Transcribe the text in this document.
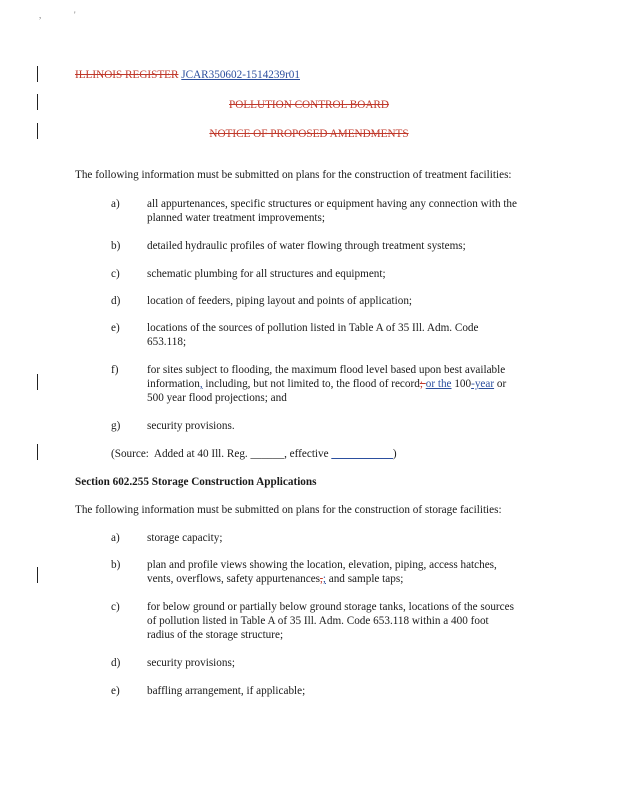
,	'
ILLINOIS REGISTER JCAR350602-1514239r01
POLLUTION CONTROL BOARD
NOTICE OF PROPOSED AMENDMENTS
The following information must be submitted on plans for the construction of treatment facilities:
a)	all appurtenances, specific structures or equipment having any connection with the
planned water treatment improvements;
b)	detailed hydraulic profiles of water flowing through treatment systems;
c)	schematic plumbing for all structures and equipment;
d)	location of feeders, piping layout and points of application;
e)	locations of the sources of pollution listed in Table A of 35 Ill. Adm. Code
653.118;
f)	for sites subject to flooding, the maximum flood level based upon best available
information, including, but not limited to, the flood of record; or the 100-year or
500 year flood projections; and
g)	security provisions.
(Source:  Added at 40 Ill. Reg. ______, effective ___________)
Section 602.255 Storage Construction Applications
The following information must be submitted on plans for the construction of storage facilities:
a)	storage capacity;
b)	plan and profile views showing the location, elevation, piping, access hatches,
vents, overflows, safety appurtenances,; and sample taps;
c)	for below ground or partially below ground storage tanks, locations of the sources
of pollution listed in Table A of 35 Ill. Adm. Code 653.118 within a 400 foot
radius of the storage structure;
d)	security provisions;
e)	baffling arrangement, if applicable;
